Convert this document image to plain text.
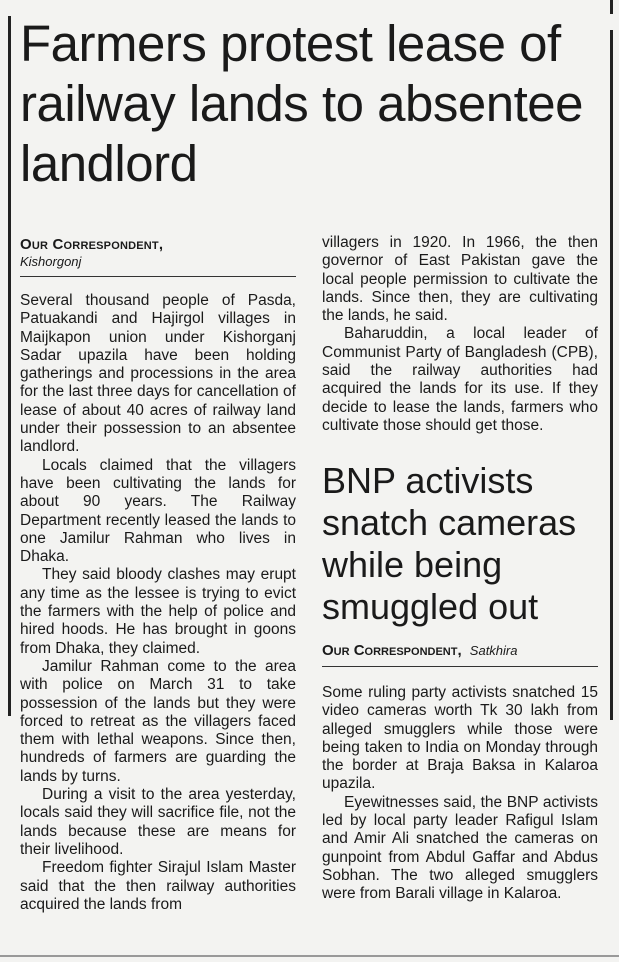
Farmers protest lease of railway lands to absentee landlord
Our Correspondent,
Kishorgonj

Several thousand people of Pasda, Patuakandi and Hajirgol villages in Maijkapon union under Kishorganj Sadar upazila have been holding gatherings and processions in the area for the last three days for cancellation of lease of about 40 acres of railway land under their possession to an absentee landlord.

Locals claimed that the villagers have been cultivating the lands for about 90 years. The Railway Department recently leased the lands to one Jamilur Rahman who lives in Dhaka.

They said bloody clashes may erupt any time as the lessee is trying to evict the farmers with the help of police and hired hoods. He has brought in goons from Dhaka, they claimed.

Jamilur Rahman come to the area with police on March 31 to take possession of the lands but they were forced to retreat as the villagers faced them with lethal weapons. Since then, hundreds of farmers are guarding the lands by turns.

During a visit to the area yesterday, locals said they will sacrifice file, not the lands because these are means for their livelihood.

Freedom fighter Sirajul Islam Master said that the then railway authorities acquired the lands from

villagers in 1920. In 1966, the then governor of East Pakistan gave the local people permission to cultivate the lands. Since then, they are cultivating the lands, he said.

Baharuddin, a local leader of Communist Party of Bangladesh (CPB), said the railway authorities had acquired the lands for its use. If they decide to lease the lands, farmers who cultivate those should get those.

BNP activists snatch cameras while being smuggled out
Our Correspondent, Satkhira

Some ruling party activists snatched 15 video cameras worth Tk 30 lakh from alleged smugglers while those were being taken to India on Monday through the border at Braja Baksa in Kalaroa upazila.

Eyewitnesses said, the BNP activists led by local party leader Rafigul Islam and Amir Ali snatched the cameras on gunpoint from Abdul Gaffar and Abdus Sobhan. The two alleged smugglers were from Barali village in Kalaroa.
